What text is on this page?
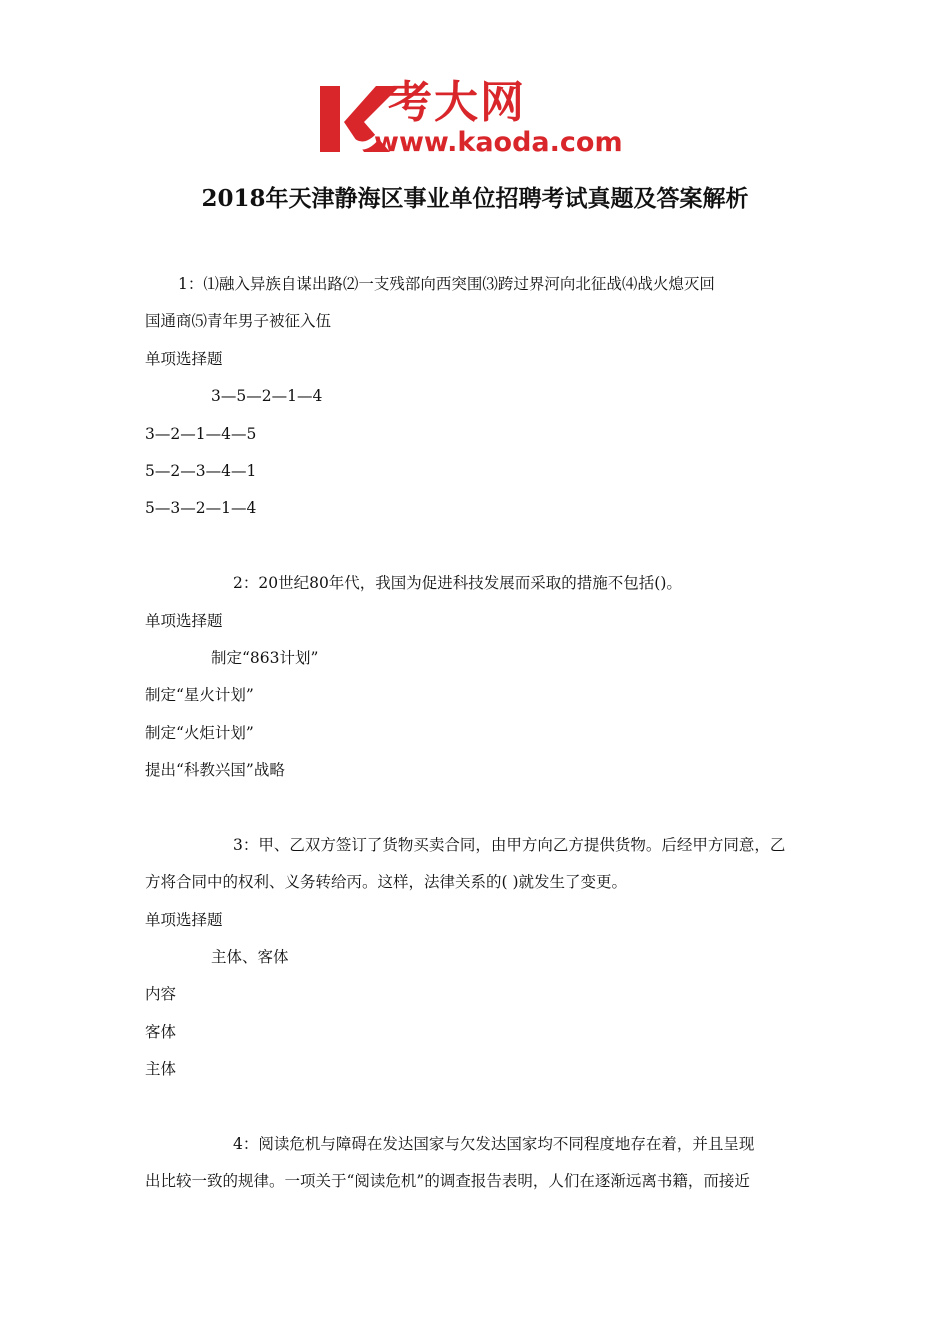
考大网
www.kaoda.com
2018年天津静海区事业单位招聘考试真题及答案解析
1：⑴融入异族自谋出路⑵一支残部向西突围⑶跨过界河向北征战⑷战火熄灭回
国通商⑸青年男子被征入伍
单项选择题
3—5—2—1—4
3—2—1—4—5
5—2—3—4—1
5—3—2—1—4
2：20世纪80年代，我国为促进科技发展而采取的措施不包括()。
单项选择题
制定“863计划”
制定“星火计划”
制定“火炬计划”
提出“科教兴国”战略
3：甲、乙双方签订了货物买卖合同，由甲方向乙方提供货物。后经甲方同意，乙
方将合同中的权利、义务转给丙。这样，法律关系的( )就发生了变更。
单项选择题
主体、客体
内容
客体
主体
4：阅读危机与障碍在发达国家与欠发达国家均不同程度地存在着，并且呈现
出比较一致的规律。一项关于“阅读危机”的调查报告表明，人们在逐渐远离书籍，而接近
